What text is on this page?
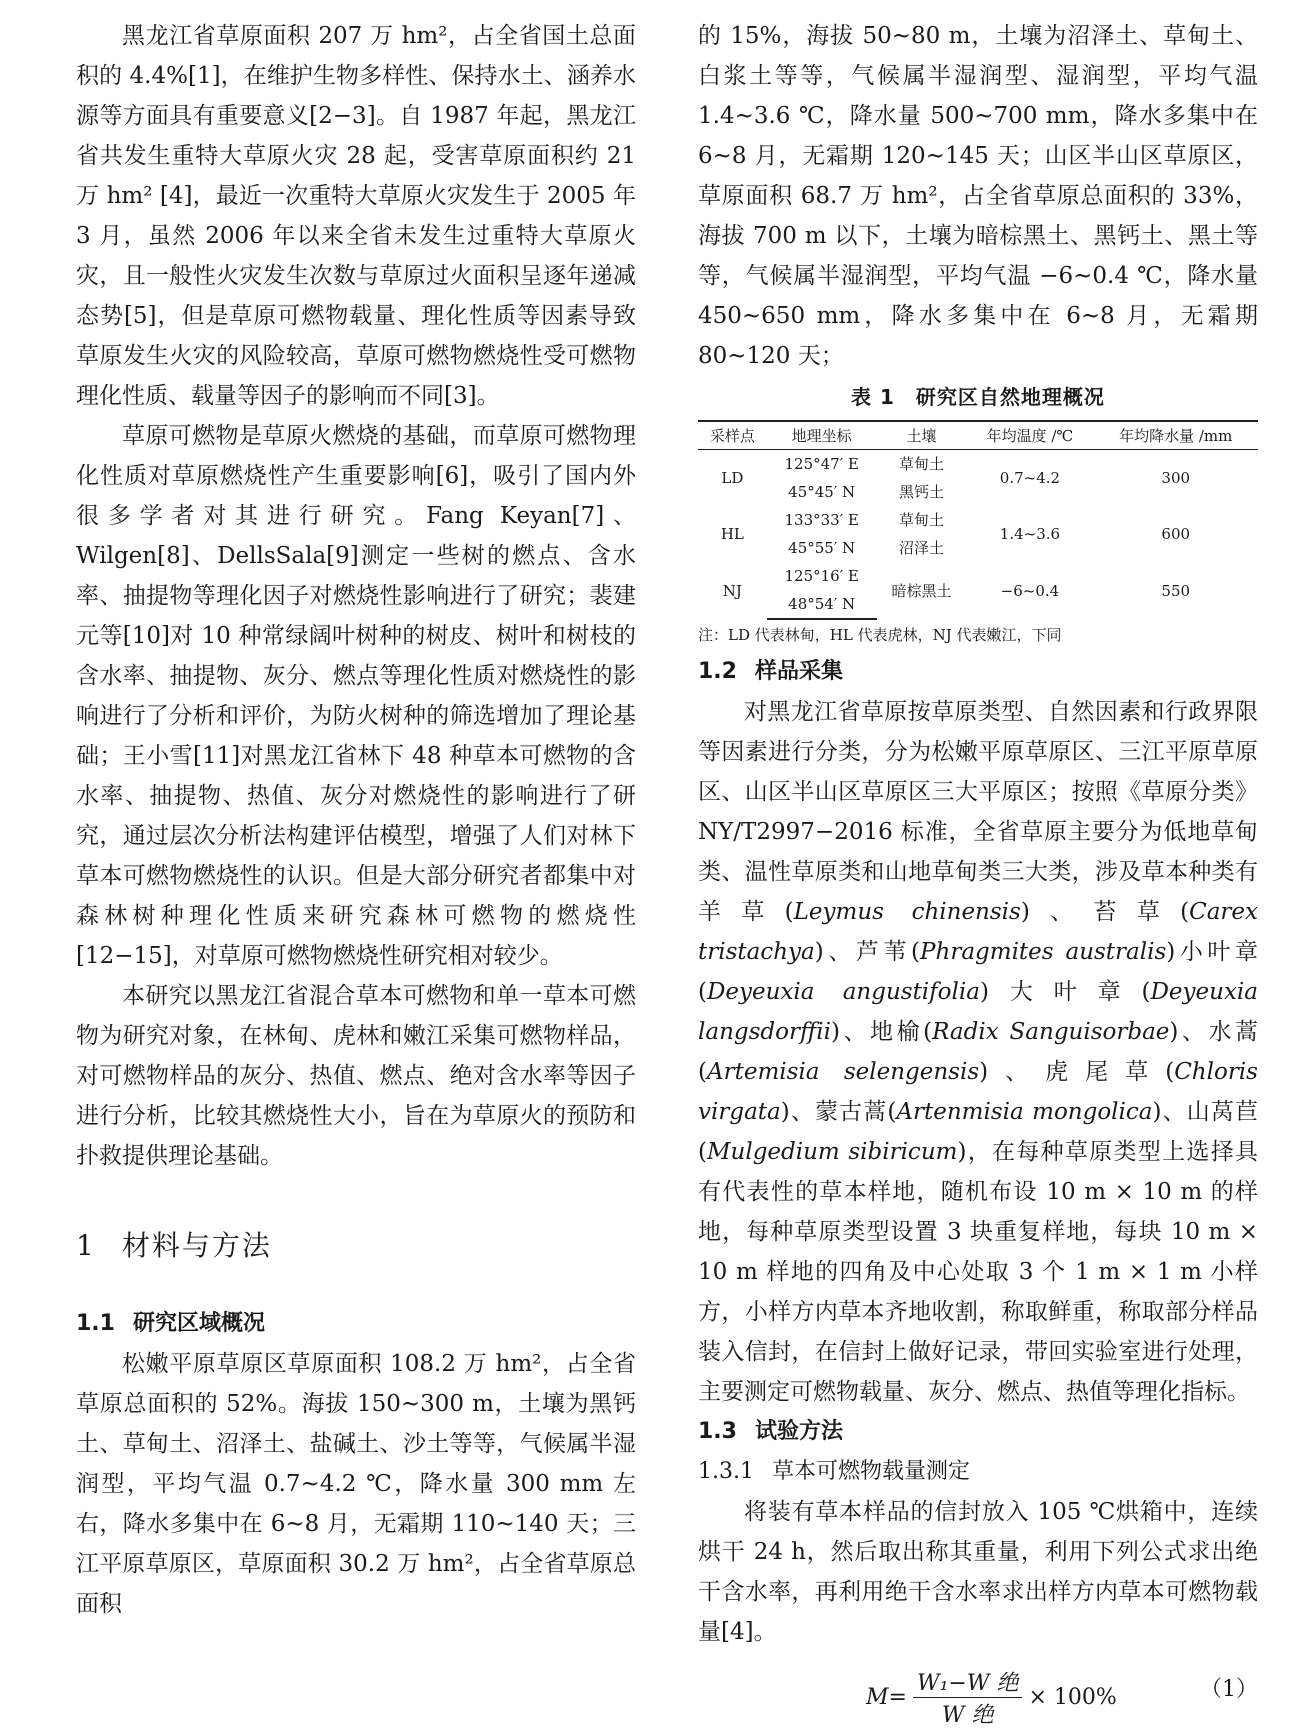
黑龙江省草原面积 207 万 hm²，占全省国土总面积的 4.4%[1]，在维护生物多样性、保持水土、涵养水源等方面具有重要意义[2−3]。自 1987 年起，黑龙江省共发生重特大草原火灾 28 起，受害草原面积约 21 万 hm² [4]，最近一次重特大草原火灾发生于 2005 年 3 月，虽然 2006 年以来全省未发生过重特大草原火灾，且一般性火灾发生次数与草原过火面积呈逐年递减态势[5]，但是草原可燃物载量、理化性质等因素导致草原发生火灾的风险较高，草原可燃物燃烧性受可燃物理化性质、载量等因子的影响而不同[3]。

草原可燃物是草原火燃烧的基础，而草原可燃物理化性质对草原燃烧性产生重要影响[6]，吸引了国内外很多学者对其进行研究。Fang Keyan[7]、Wilgen[8]、DellsSala[9]测定一些树的燃点、含水率、抽提物等理化因子对燃烧性影响进行了研究；裴建元等[10]对 10 种常绿阔叶树种的树皮、树叶和树枝的含水率、抽提物、灰分、燃点等理化性质对燃烧性的影响进行了分析和评价，为防火树种的筛选增加了理论基础；王小雪[11]对黑龙江省林下 48 种草本可燃物的含水率、抽提物、热值、灰分对燃烧性的影响进行了研究，通过层次分析法构建评估模型，增强了人们对林下草本可燃物燃烧性的认识。但是大部分研究者都集中对森林树种理化性质来研究森林可燃物的燃烧性[12−15]，对草原可燃物燃烧性研究相对较少。

本研究以黑龙江省混合草本可燃物和单一草本可燃物为研究对象，在林甸、虎林和嫩江采集可燃物样品，对可燃物样品的灰分、热值、燃点、绝对含水率等因子进行分析，比较其燃烧性大小，旨在为草原火的预防和扑救提供理论基础。

1 材料与方法
1.1 研究区域概况

松嫩平原草原区草原面积 108.2 万 hm²，占全省草原总面积的 52%。海拔 150~300 m，土壤为黑钙土、草甸土、沼泽土、盐碱土、沙土等等，气候属半湿润型，平均气温 0.7~4.2 ℃，降水量 300 mm 左右，降水多集中在 6~8 月，无霜期 110~140 天；三江平原草原区，草原面积 30.2 万 hm²，占全省草原总面积

的 15%，海拔 50~80 m，土壤为沼泽土、草甸土、白浆土等等，气候属半湿润型、湿润型，平均气温 1.4~3.6 ℃，降水量 500~700 mm，降水多集中在 6~8 月，无霜期 120~145 天；山区半山区草原区，草原面积 68.7 万 hm²，占全省草原总面积的 33%，海拔 700 m 以下，土壤为暗棕黑土、黑钙土、黑土等等，气候属半湿润型，平均气温 −6~0.4 ℃，降水量 450~650 mm，降水多集中在 6~8 月，无霜期 80~120 天；

表 1　研究区自然地理概况
采样点	地理坐标	土壤	年均温度 /℃	年均降水量 /mm
LD	125°47′ E	草甸土	0.7~4.2	300
	45°45′ N	黑钙土		
HL	133°33′ E	草甸土	1.4~3.6	600
	45°55′ N	沼泽土		
NJ	125°16′ E	暗棕黑土	−6~0.4	550
	48°54′ N			

注：LD 代表林甸，HL 代表虎林，NJ 代表嫩江，下同

1.2 样品采集

对黑龙江省草原按草原类型、自然因素和行政界限等因素进行分类，分为松嫩平原草原区、三江平原草原区、山区半山区草原区三大平原区；按照《草原分类》NY/T2997−2016 标准，全省草原主要分为低地草甸类、温性草原类和山地草甸类三大类，涉及草本种类有羊草(Leymus chinensis)、苔草(Carex tristachya)、芦苇(Phragmites australis)小叶章(Deyeuxia angustifolia)大叶章(Deyeuxia langsdorffii)、地榆(Radix Sanguisorbae)、水蒿(Artemisia selengensis)、虎尾草(Chloris virgata)、蒙古蒿(Artenmisia mongolica)、山莴苣(Mulgedium sibiricum)，在每种草原类型上选择具有代表性的草本样地，随机布设 10 m × 10 m 的样地，每种草原类型设置 3 块重复样地，每块 10 m × 10 m 样地的四角及中心处取 3 个 1 m × 1 m 小样方，小样方内草本齐地收割，称取鲜重，称取部分样品装入信封，在信封上做好记录，带回实验室进行处理，主要测定可燃物载量、灰分、燃点、热值等理化指标。

1.3 试验方法
1.3.1 草本可燃物载量测定

将装有草本样品的信封放入 105 ℃烘箱中，连续烘干 24 h，然后取出称其重量，利用下列公式求出绝干含水率，再利用绝干含水率求出样方内草本可燃物载量[4]。

$M= \frac{\text{W₁−W 绝}}{\text{W 绝}} \times 100\%$	（1）
